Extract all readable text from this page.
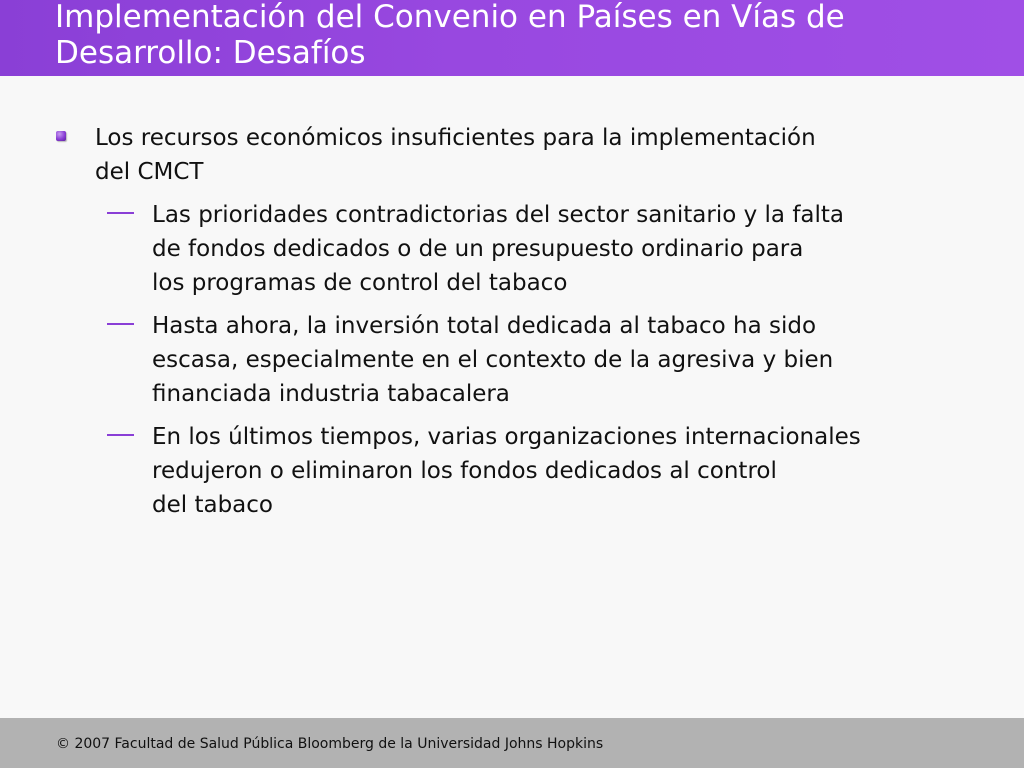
Implementación del Convenio en Países en Vías de
Desarrollo: Desafíos
Los recursos económicos insuficientes para la implementación
del CMCT
Las prioridades contradictorias del sector sanitario y la falta
de fondos dedicados o de un presupuesto ordinario para
los programas de control del tabaco
Hasta ahora, la inversión total dedicada al tabaco ha sido
escasa, especialmente en el contexto de la agresiva y bien
financiada industria tabacalera
En los últimos tiempos, varias organizaciones internacionales
redujeron o eliminaron los fondos dedicados al control
del tabaco
© 2007 Facultad de Salud Pública Bloomberg de la Universidad Johns Hopkins
